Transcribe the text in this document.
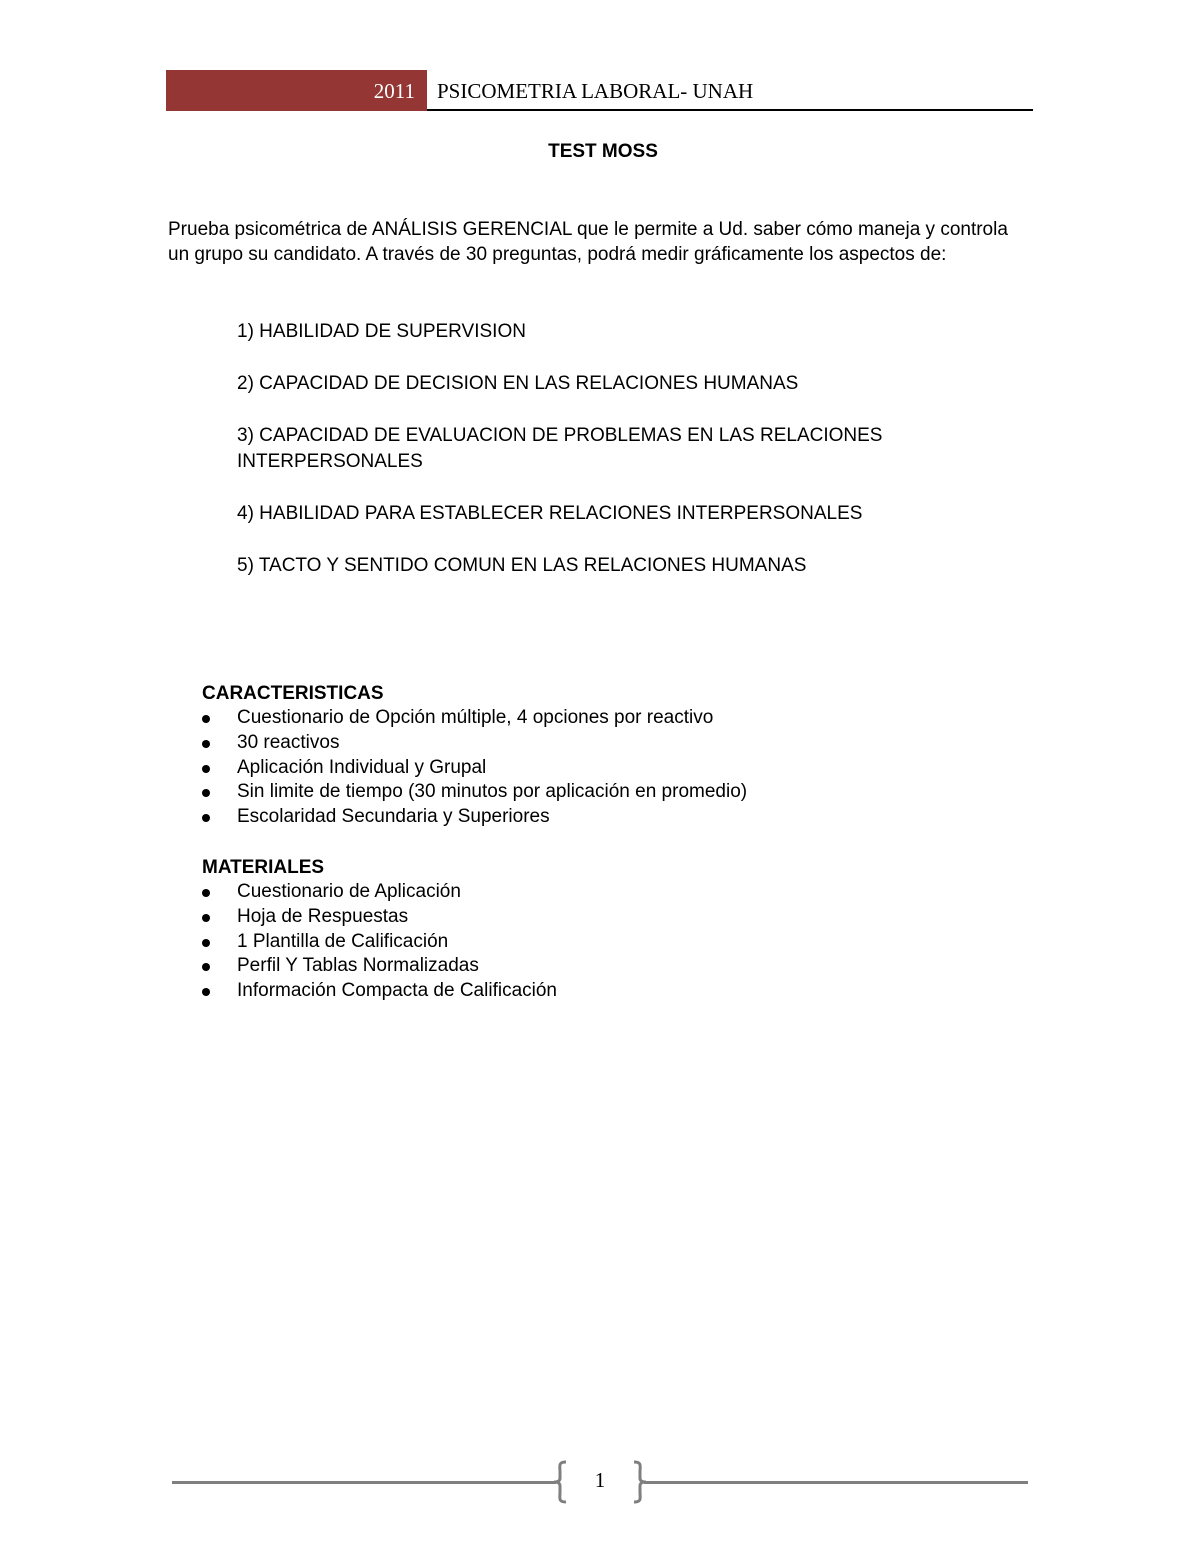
2011 PSICOMETRIA LABORAL- UNAH
TEST MOSS

Prueba psicométrica de ANÁLISIS GERENCIAL que le permite a Ud. saber cómo maneja y controla un grupo su candidato. A través de 30 preguntas, podrá medir gráficamente los aspectos de:

1) HABILIDAD DE SUPERVISION
2) CAPACIDAD DE DECISION EN LAS RELACIONES HUMANAS
3) CAPACIDAD DE EVALUACION DE PROBLEMAS EN LAS RELACIONES INTERPERSONALES
4) HABILIDAD PARA ESTABLECER RELACIONES INTERPERSONALES
5) TACTO Y SENTIDO COMUN EN LAS RELACIONES HUMANAS
CARACTERISTICAS
Cuestionario de Opción múltiple, 4 opciones por reactivo
30 reactivos
Aplicación Individual y Grupal
Sin limite de tiempo (30 minutos por aplicación en promedio)
Escolaridad Secundaria y Superiores
MATERIALES
Cuestionario de Aplicación
Hoja de Respuestas
1 Plantilla de Calificación
Perfil Y Tablas Normalizadas
Información Compacta de Calificación
1
